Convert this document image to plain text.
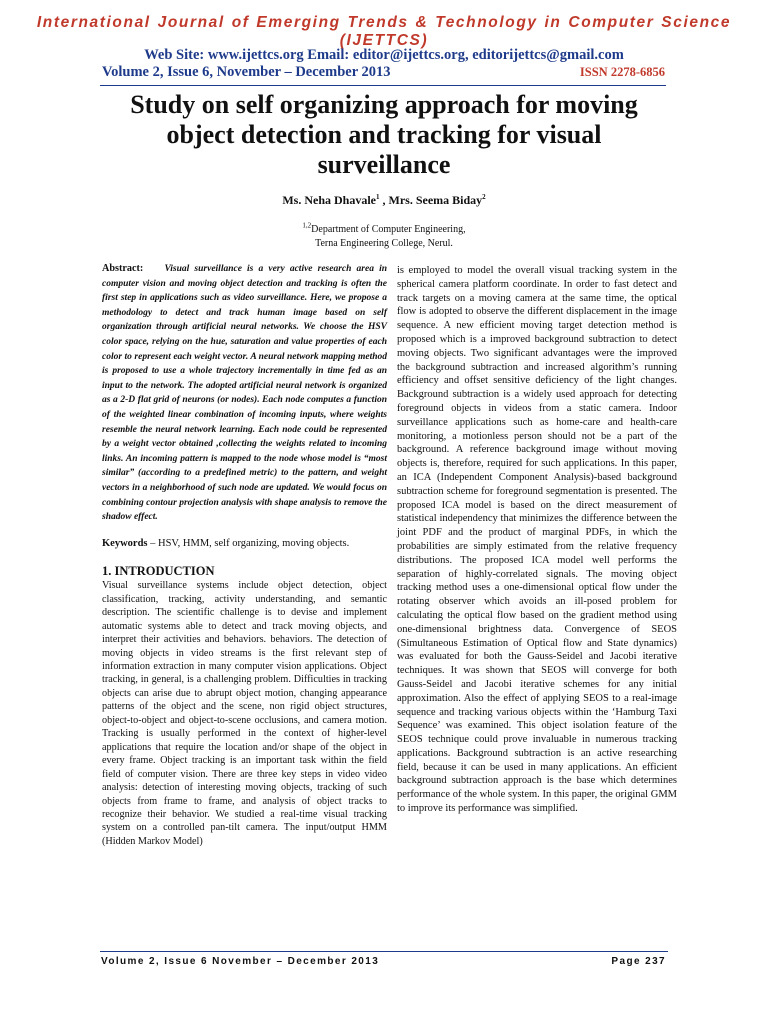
International Journal of Emerging Trends & Technology in Computer Science (IJETTCS)
Web Site: www.ijettcs.org Email: editor@ijettcs.org, editorijettcs@gmail.com
Volume 2, Issue 6, November – December 2013	ISSN 2278-6856
Study on self organizing approach for moving object detection and tracking for visual surveillance
Ms. Neha Dhavale$^1$ , Mrs. Seema Biday$^2$
$^{1,2}$Department of Computer Engineering,
Terna Engineering College, Nerul.

Abstract: Visual surveillance is a very active research area in computer vision and moving object detection and tracking is often the first step in applications such as video surveillance. Here, we propose a methodology to detect and track human image based on self organization through artificial neural networks. We choose the HSV color space, relying on the hue, saturation and value properties of each color to represent each weight vector. A neural network mapping method is proposed to use a whole trajectory incrementally in time fed as an input to the network. The adopted artificial neural network is organized as a 2-D flat grid of neurons (or nodes). Each node computes a function of the weighted linear combination of incoming inputs, where weights resemble the neural network learning. Each node could be represented by a weight vector obtained ,collecting the weights related to incoming links. An incoming pattern is mapped to the node whose model is “most similar” (according to a predefined metric) to the pattern, and weight vectors in a neighborhood of such node are updated. We would focus on combining contour projection analysis with shape analysis to remove the shadow effect.

Keywords – HSV, HMM, self organizing, moving objects.

1. INTRODUCTION

Visual surveillance systems include object detection, object classification, tracking, activity understanding, and semantic description. The scientific challenge is to devise and implement automatic systems able to detect and track moving objects, and interpret their activities and behaviors. behaviors. The detection of moving objects in video streams is the first relevant step of information extraction in many computer vision applications. Object tracking, in general, is a challenging problem. Difficulties in tracking objects can arise due to abrupt object motion, changing appearance patterns of the object and the scene, non rigid object structures, object-to-object and object-to-scene occlusions, and camera motion. Tracking is usually performed in the context of higher-level applications that require the location and/or shape of the object in every frame. Object tracking is an important task within the field field of computer vision. There are three key steps in video video analysis: detection of interesting moving objects, tracking of such objects from frame to frame, and analysis of object tracks to recognize their behavior. We studied a real-time visual tracking system on a controlled pan-tilt camera. The input/output HMM (Hidden Markov Model)

is employed to model the overall visual tracking system in the spherical camera platform coordinate. In order to fast detect and track targets on a moving camera at the same time, the optical flow is adopted to observe the different displacement in the image sequence. A new efficient moving target detection method is proposed which is a improved background subtraction to detect moving objects. Two significant advantages were the improved the background subtraction and increased algorithm’s running efficiency and offset sensitive deficiency of the light changes. Background subtraction is a widely used approach for detecting foreground objects in videos from a static camera. Indoor surveillance applications such as home-care and health-care monitoring, a motionless person should not be a part of the background. A reference background image without moving objects is, therefore, required for such applications. In this paper, an ICA (Independent Component Analysis)-based background subtraction scheme for foreground segmentation is presented. The proposed ICA model is based on the direct measurement of statistical independency that minimizes the difference between the joint PDF and the product of marginal PDFs, in which the probabilities are simply estimated from the relative frequency distributions. The proposed ICA model well performs the separation of highly-correlated signals. The moving object tracking method uses a one-dimensional optical flow under the rotating observer which avoids an ill-posed problem for calculating the optical flow based on the gradient method using one-dimensional brightness data. Convergence of SEOS (Simultaneous Estimation of Optical flow and State dynamics) was evaluated for both the Gauss-Seidel and Jacobi iterative techniques. It was shown that SEOS will converge for both Gauss-Seidel and Jacobi iterative schemes for any initial approximation. Also the effect of applying SEOS to a real-image sequence and tracking various objects within the ‘Hamburg Taxi Sequence’ was examined. This object isolation feature of the SEOS technique could prove invaluable in numerous tracking applications. Background subtraction is an active researching field, because it can be used in many applications. An efficient background subtraction approach is the base which determines performance of the whole system. In this paper, the original GMM to improve its performance was simplified.

Volume 2, Issue 6 November – December 2013	Page 237
